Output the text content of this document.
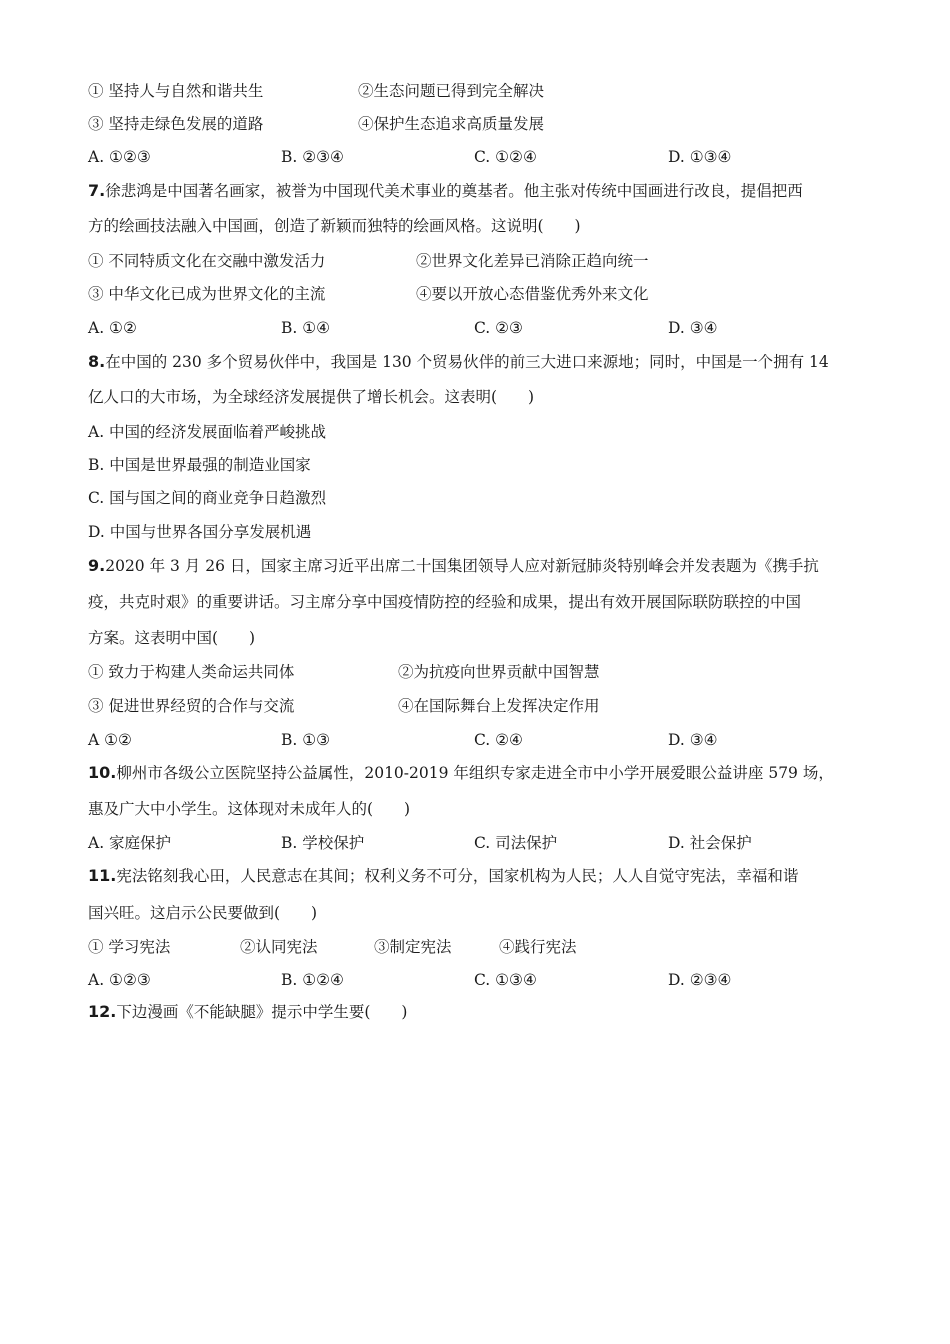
① 坚持人与自然和谐共生	②生态问题已得到完全解决
③ 坚持走绿色发展的道路	④保护生态追求高质量发展
A. ①②③	B. ②③④	C. ①②④	D. ①③④
7.徐悲鸿是中国著名画家，被誉为中国现代美术事业的奠基者。他主张对传统中国画进行改良，提倡把西
方的绘画技法融入中国画，创造了新颖而独特的绘画风格。这说明(　　)
① 不同特质文化在交融中激发活力	②世界文化差异已消除正趋向统一
③ 中华文化已成为世界文化的主流	④要以开放心态借鉴优秀外来文化
A. ①②	B. ①④	C. ②③	D. ③④
8.在中国的 230 多个贸易伙伴中，我国是 130 个贸易伙伴的前三大进口来源地；同时，中国是一个拥有 14
亿人口的大市场，为全球经济发展提供了增长机会。这表明(　　)
A. 中国的经济发展面临着严峻挑战
B. 中国是世界最强的制造业国家
C. 国与国之间的商业竞争日趋激烈
D. 中国与世界各国分享发展机遇
9.2020 年 3 月 26 日，国家主席习近平出席二十国集团领导人应对新冠肺炎特别峰会并发表题为《携手抗
疫，共克时艰》的重要讲话。习主席分享中国疫情防控的经验和成果，提出有效开展国际联防联控的中国
方案。这表明中国(　　)
① 致力于构建人类命运共同体	②为抗疫向世界贡献中国智慧
③ 促进世界经贸的合作与交流	④在国际舞台上发挥决定作用
A ①②	B. ①③	C. ②④	D. ③④
10.柳州市各级公立医院坚持公益属性，2010-2019 年组织专家走进全市中小学开展爱眼公益讲座 579 场，
惠及广大中小学生。这体现对未成年人的(　　)
A. 家庭保护	B. 学校保护	C. 司法保护	D. 社会保护
11.宪法铭刻我心田，人民意志在其间；权利义务不可分，国家机构为人民；人人自觉守宪法，幸福和谐
国兴旺。这启示公民要做到(　　)
① 学习宪法	②认同宪法	③制定宪法	④践行宪法
A. ①②③	B. ①②④	C. ①③④	D. ②③④
12.下边漫画《不能缺腿》提示中学生要(　　)
